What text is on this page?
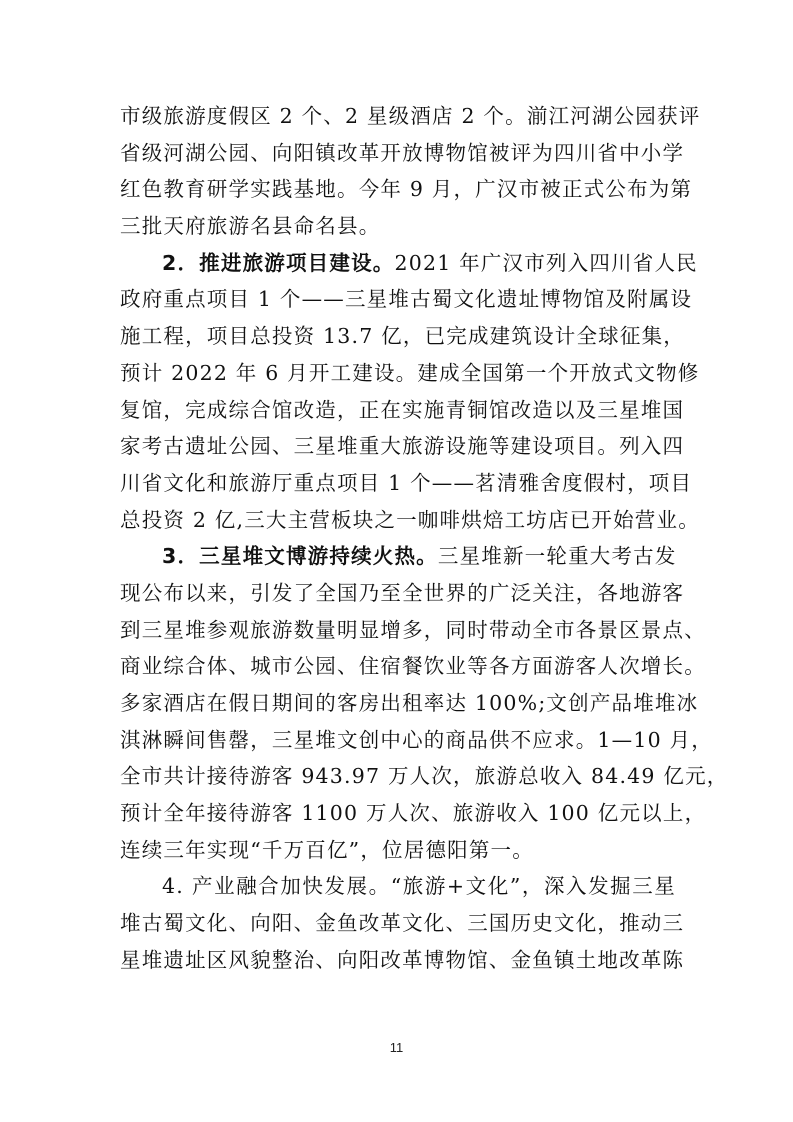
市级旅游度假区 2 个、2 星级酒店 2 个。湔江河湖公园获评
省级河湖公园、向阳镇改革开放博物馆被评为四川省中小学
红色教育研学实践基地。今年 9 月，广汉市被正式公布为第
三批天府旅游名县命名县。
2．推进旅游项目建设。2021 年广汉市列入四川省人民
政府重点项目 1 个——三星堆古蜀文化遗址博物馆及附属设
施工程，项目总投资 13.7 亿，已完成建筑设计全球征集，
预计 2022 年 6 月开工建设。建成全国第一个开放式文物修
复馆，完成综合馆改造，正在实施青铜馆改造以及三星堆国
家考古遗址公园、三星堆重大旅游设施等建设项目。列入四
川省文化和旅游厅重点项目 1 个——茗清雅舍度假村，项目
总投资 2 亿,三大主营板块之一咖啡烘焙工坊店已开始营业。
3．三星堆文博游持续火热。三星堆新一轮重大考古发
现公布以来，引发了全国乃至全世界的广泛关注，各地游客
到三星堆参观旅游数量明显增多，同时带动全市各景区景点、
商业综合体、城市公园、住宿餐饮业等各方面游客人次增长。
多家酒店在假日期间的客房出租率达 100%;文创产品堆堆冰
淇淋瞬间售罄，三星堆文创中心的商品供不应求。1—10 月，
全市共计接待游客 943.97 万人次，旅游总收入 84.49 亿元，
预计全年接待游客 1100 万人次、旅游收入 100 亿元以上，
连续三年实现“千万百亿”，位居德阳第一。
4. 产业融合加快发展。“旅游+文化”，深入发掘三星
堆古蜀文化、向阳、金鱼改革文化、三国历史文化，推动三
星堆遗址区风貌整治、向阳改革博物馆、金鱼镇土地改革陈
11
